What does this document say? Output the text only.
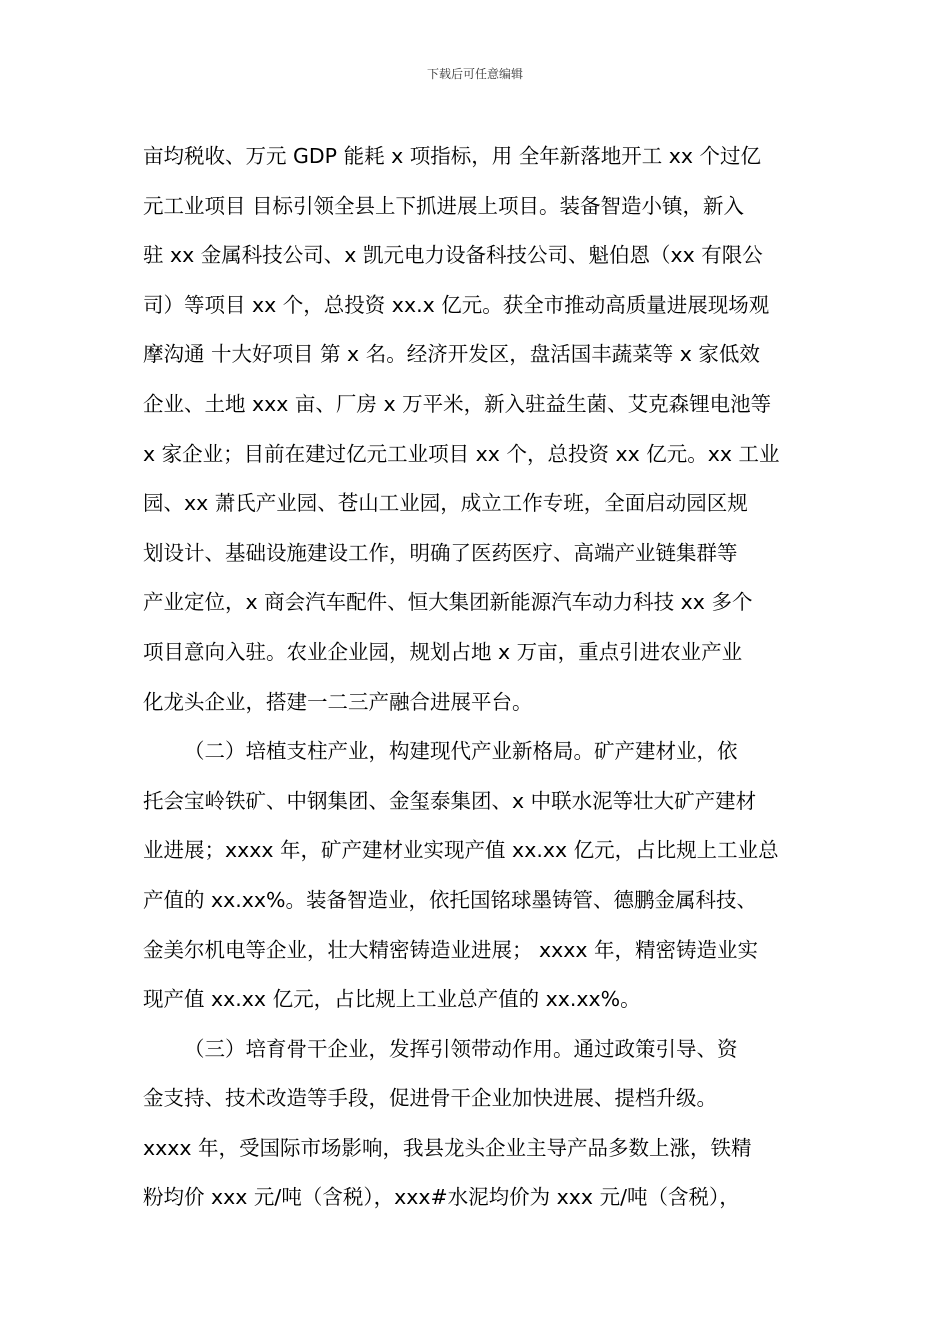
下载后可任意编辑
亩均税收、万元 GDP 能耗 x 项指标，用 全年新落地开工 xx 个过亿
元工业项目 目标引领全县上下抓进展上项目。装备智造小镇，新入
驻 xx 金属科技公司、x 凯元电力设备科技公司、魁伯恩（xx 有限公
司）等项目 xx 个，总投资 xx.x 亿元。获全市推动高质量进展现场观
摩沟通 十大好项目 第 x 名。经济开发区，盘活国丰蔬菜等 x 家低效
企业、土地 xxx 亩、厂房 x 万平米，新入驻益生菌、艾克森锂电池等
x 家企业；目前在建过亿元工业项目 xx 个，总投资 xx 亿元。xx 工业
园、xx 萧氏产业园、苍山工业园，成立工作专班，全面启动园区规
划设计、基础设施建设工作，明确了医药医疗、高端产业链集群等
产业定位，x 商会汽车配件、恒大集团新能源汽车动力科技 xx 多个
项目意向入驻。农业企业园，规划占地 x 万亩，重点引进农业产业
化龙头企业，搭建一二三产融合进展平台。
（二）培植支柱产业，构建现代产业新格局。矿产建材业，依
托会宝岭铁矿、中钢集团、金玺泰集团、x 中联水泥等壮大矿产建材
业进展；xxxx 年，矿产建材业实现产值 xx.xx 亿元，占比规上工业总
产值的 xx.xx%。装备智造业，依托国铭球墨铸管、德鹏金属科技、
金美尔机电等企业，壮大精密铸造业进展； xxxx 年，精密铸造业实
现产值 xx.xx 亿元，占比规上工业总产值的 xx.xx%。
（三）培育骨干企业，发挥引领带动作用。通过政策引导、资
金支持、技术改造等手段，促进骨干企业加快进展、提档升级。
xxxx 年，受国际市场影响，我县龙头企业主导产品多数上涨，铁精
粉均价 xxx 元/吨（含税），xxx#水泥均价为 xxx 元/吨（含税），
